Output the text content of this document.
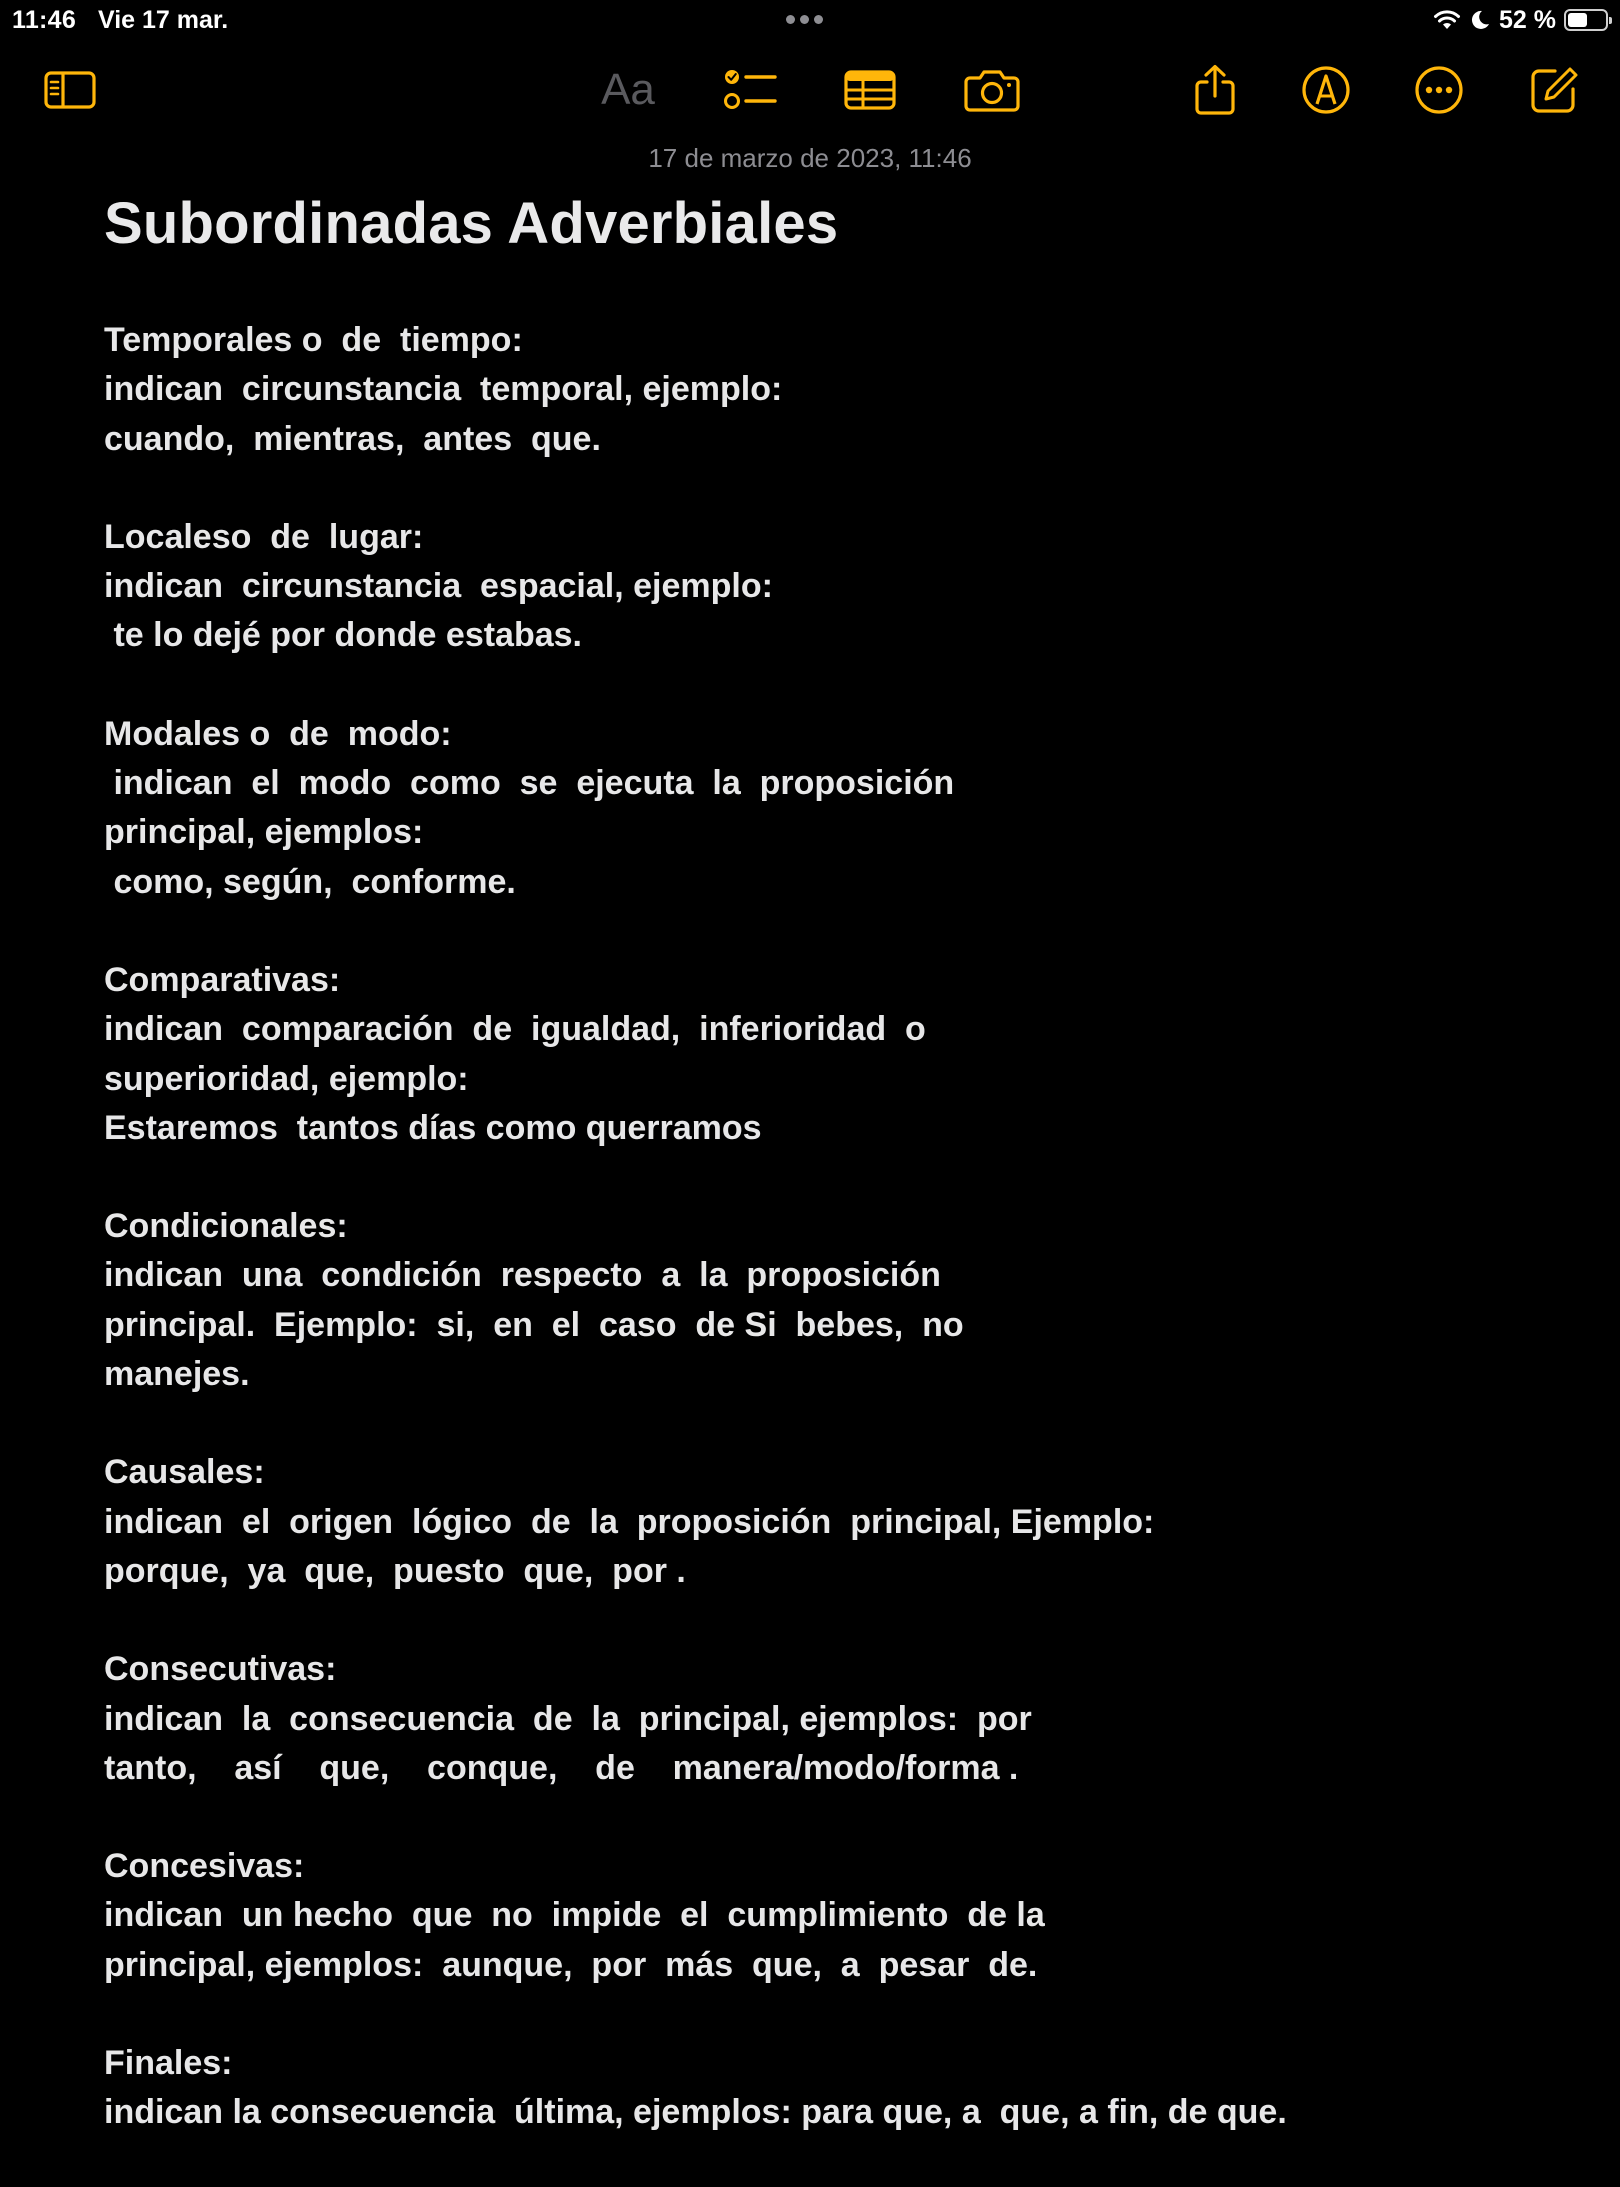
11:46 Vie 17 mar.	52 %
Aa
17 de marzo de 2023, 11:46
Subordinadas Adverbiales
Temporales o  de  tiempo:
indican  circunstancia  temporal, ejemplo:
cuando,  mientras,  antes  que.
Localeso  de  lugar:
indican  circunstancia  espacial, ejemplo:
te lo dejé por donde estabas.
Modales o  de  modo:
indican  el  modo  como  se  ejecuta  la  proposición
principal, ejemplos:
como, según,  conforme.
Comparativas:
indican  comparación  de  igualdad,  inferioridad  o
superioridad, ejemplo:
Estaremos  tantos días como querramos
Condicionales:
indican  una  condición  respecto  a  la  proposición
principal.  Ejemplo:  si,  en  el  caso  de Si  bebes,  no
manejes.
Causales:
indican  el  origen  lógico  de  la  proposición  principal, Ejemplo:
porque,  ya  que,  puesto  que,  por .
Consecutivas:
indican  la  consecuencia  de  la  principal, ejemplos:  por
tanto,    así    que,    conque,    de    manera/modo/forma .
Concesivas:
indican  un hecho  que  no  impide  el  cumplimiento  de la
principal, ejemplos:  aunque,  por  más  que,  a  pesar  de.
Finales:
indican la consecuencia  última, ejemplos: para que, a  que, a fin, de que.
